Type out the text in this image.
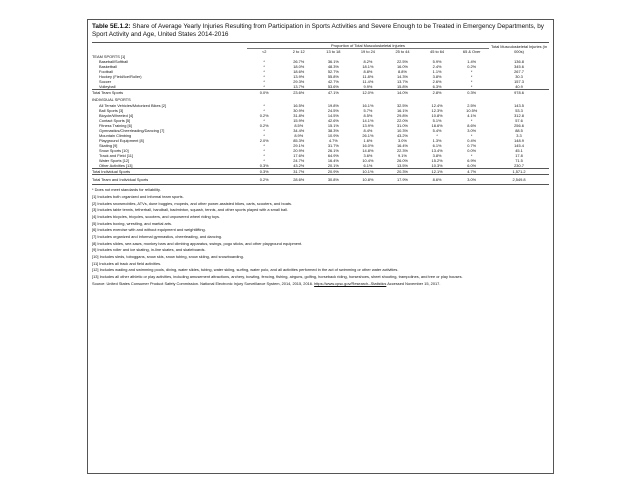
Table 5E.1.2: Share of Average Yearly Injuries Resulting from Participation in Sports Activities and Severe Enough to be Treated in Emergency Departments, by Sport Activity and Age, United States 2014-2016

	Proportion of Total Musculoskeletal Injuries							Total Musculoskeletal Injuries (in 000s)
	<2	2 to 12	13 to 18	19 to 24	25 to 44	45 to 64	65 & Over	
TEAM SPORTS [1]								
Baseball/Softball	*	26.7%	36.1%	8.2%	22.5%	5.9%	1.4%	136.8
Basketball	*	18.0%	48.3%	18.1%	16.0%	2.4%	0.2%	345.6
Football	*	18.6%	52.7%	8.8%	8.8%	1.1%	*	267.7
Hockey (Field/Ice/Roller)	*	13.9%	55.8%	11.8%	14.3%	3.8%	*	30.3
Soccer	*	29.3%	42.7%	11.4%	13.7%	2.6%	*	157.3
Volleyball	*	13.7%	53.6%	9.9%	15.8%	6.3%	*	40.9
Total Team Sports	0.0%	23.6%	47.1%	12.0%	14.0%	2.8%	0.3%	978.6
INDIVIDUAL SPORTS								
All Terrain Vehicles/Motorized Bikes [2]	*	16.5%	19.8%	16.1%	32.5%	12.4%	2.5%	143.5
Ball Sports [3]	*	30.9%	24.5%	5.7%	16.1%	12.3%	10.5%	53.3
Bicycle/Wheeled [4]	0.2%	31.8%	14.5%	8.5%	29.8%	10.8%	4.1%	312.8
Contact Sports [5]	*	15.9%	42.6%	14.1%	22.0%	5.1%	*	57.6
Fitness Training [6]	0.2%	8.5%	15.1%	13.9%	31.0%	18.6%	8.6%	256.6
Gymnastics/Cheerleading/Dancing [7]	*	34.4%	38.3%	8.4%	10.3%	5.4%	3.0%	88.5
Mountain Climbing	*	8.9%	10.9%	26.1%	43.2%	*	*	3.3
Playground Equipment [8]	2.0%	85.3%	4.7%	1.6%	3.0%	1.3%	0.4%	148.9
Skating [9]	*	29.1%	31.7%	16.0%	16.4%	6.1%	0.7%	145.4
Snow Sports [10]	*	20.9%	26.1%	14.8%	22.3%	13.4%	0.0%	45.1
Track and Field [11]	*	17.6%	64.9%	3.6%	9.1%	3.8%	*	17.8
Water Sports [12]	*	24.7%	16.4%	10.4%	26.0%	15.2%	6.9%	71.5
Other Activities [13]	0.3%	43.2%	20.1%	6.1%	13.5%	10.3%	6.0%	230.7
Total Individual Sports	0.3%	31.7%	20.9%	10.1%	20.3%	12.1%	4.7%	1,571.2
Total Team and Individual Sports	0.2%	28.6%	30.8%	10.8%	17.9%	8.6%	3.0%	2,549.8

* Does not meet standards for reliability.

[1] Includes both organized and informal team sports.

[2] Includes snowmobiles, ATVs, dune buggies, mopeds, and other power-assisted bikes, carts, scooters, and boats.

[3] Includes table tennis, tetherball, handball, badminton, squash, tennis, and other sports played with a small ball.

[4] Includes bicycles, tricycles, scooters, and unpowered wheel riding toys.

[5] Includes boxing, wrestling, and martial arts.

[6] Includes exercise with and without equipment and weightlifting.

[7] Includes organized and informal gymnastics, cheerleading, and dancing.

[8] Includes slides, see-saws, monkey bars and climbing apparatus, swings, pogo sticks, and other playground equipment.

[9] Includes roller and ice skating, in-line skates, and skateboards.

[10] Includes sleds, toboggans, snow skis, snow tubing, snow skiing, and snowboarding.

[11] Includes all track and field activities.

[12] Includes wading and swimming pools, diving, water slides, tubing, water skiing, surfing, water polo, and all activities performed in the act of swimming or other water activities.

[13] Includes all other athletic or play activities, including amusement attractions, archery, bowling, fencing, fishing, airguns, golfing, horseback riding, horseshoes, sheet shooting, trampolines, and tree or play houses.

Source: United States Consumer Product Safety Commission. National Electronic Injury Surveillance System, 2014, 2015, 2016. https://www.cpsc.gov/Research--Statistics Accessed November 15, 2017.
